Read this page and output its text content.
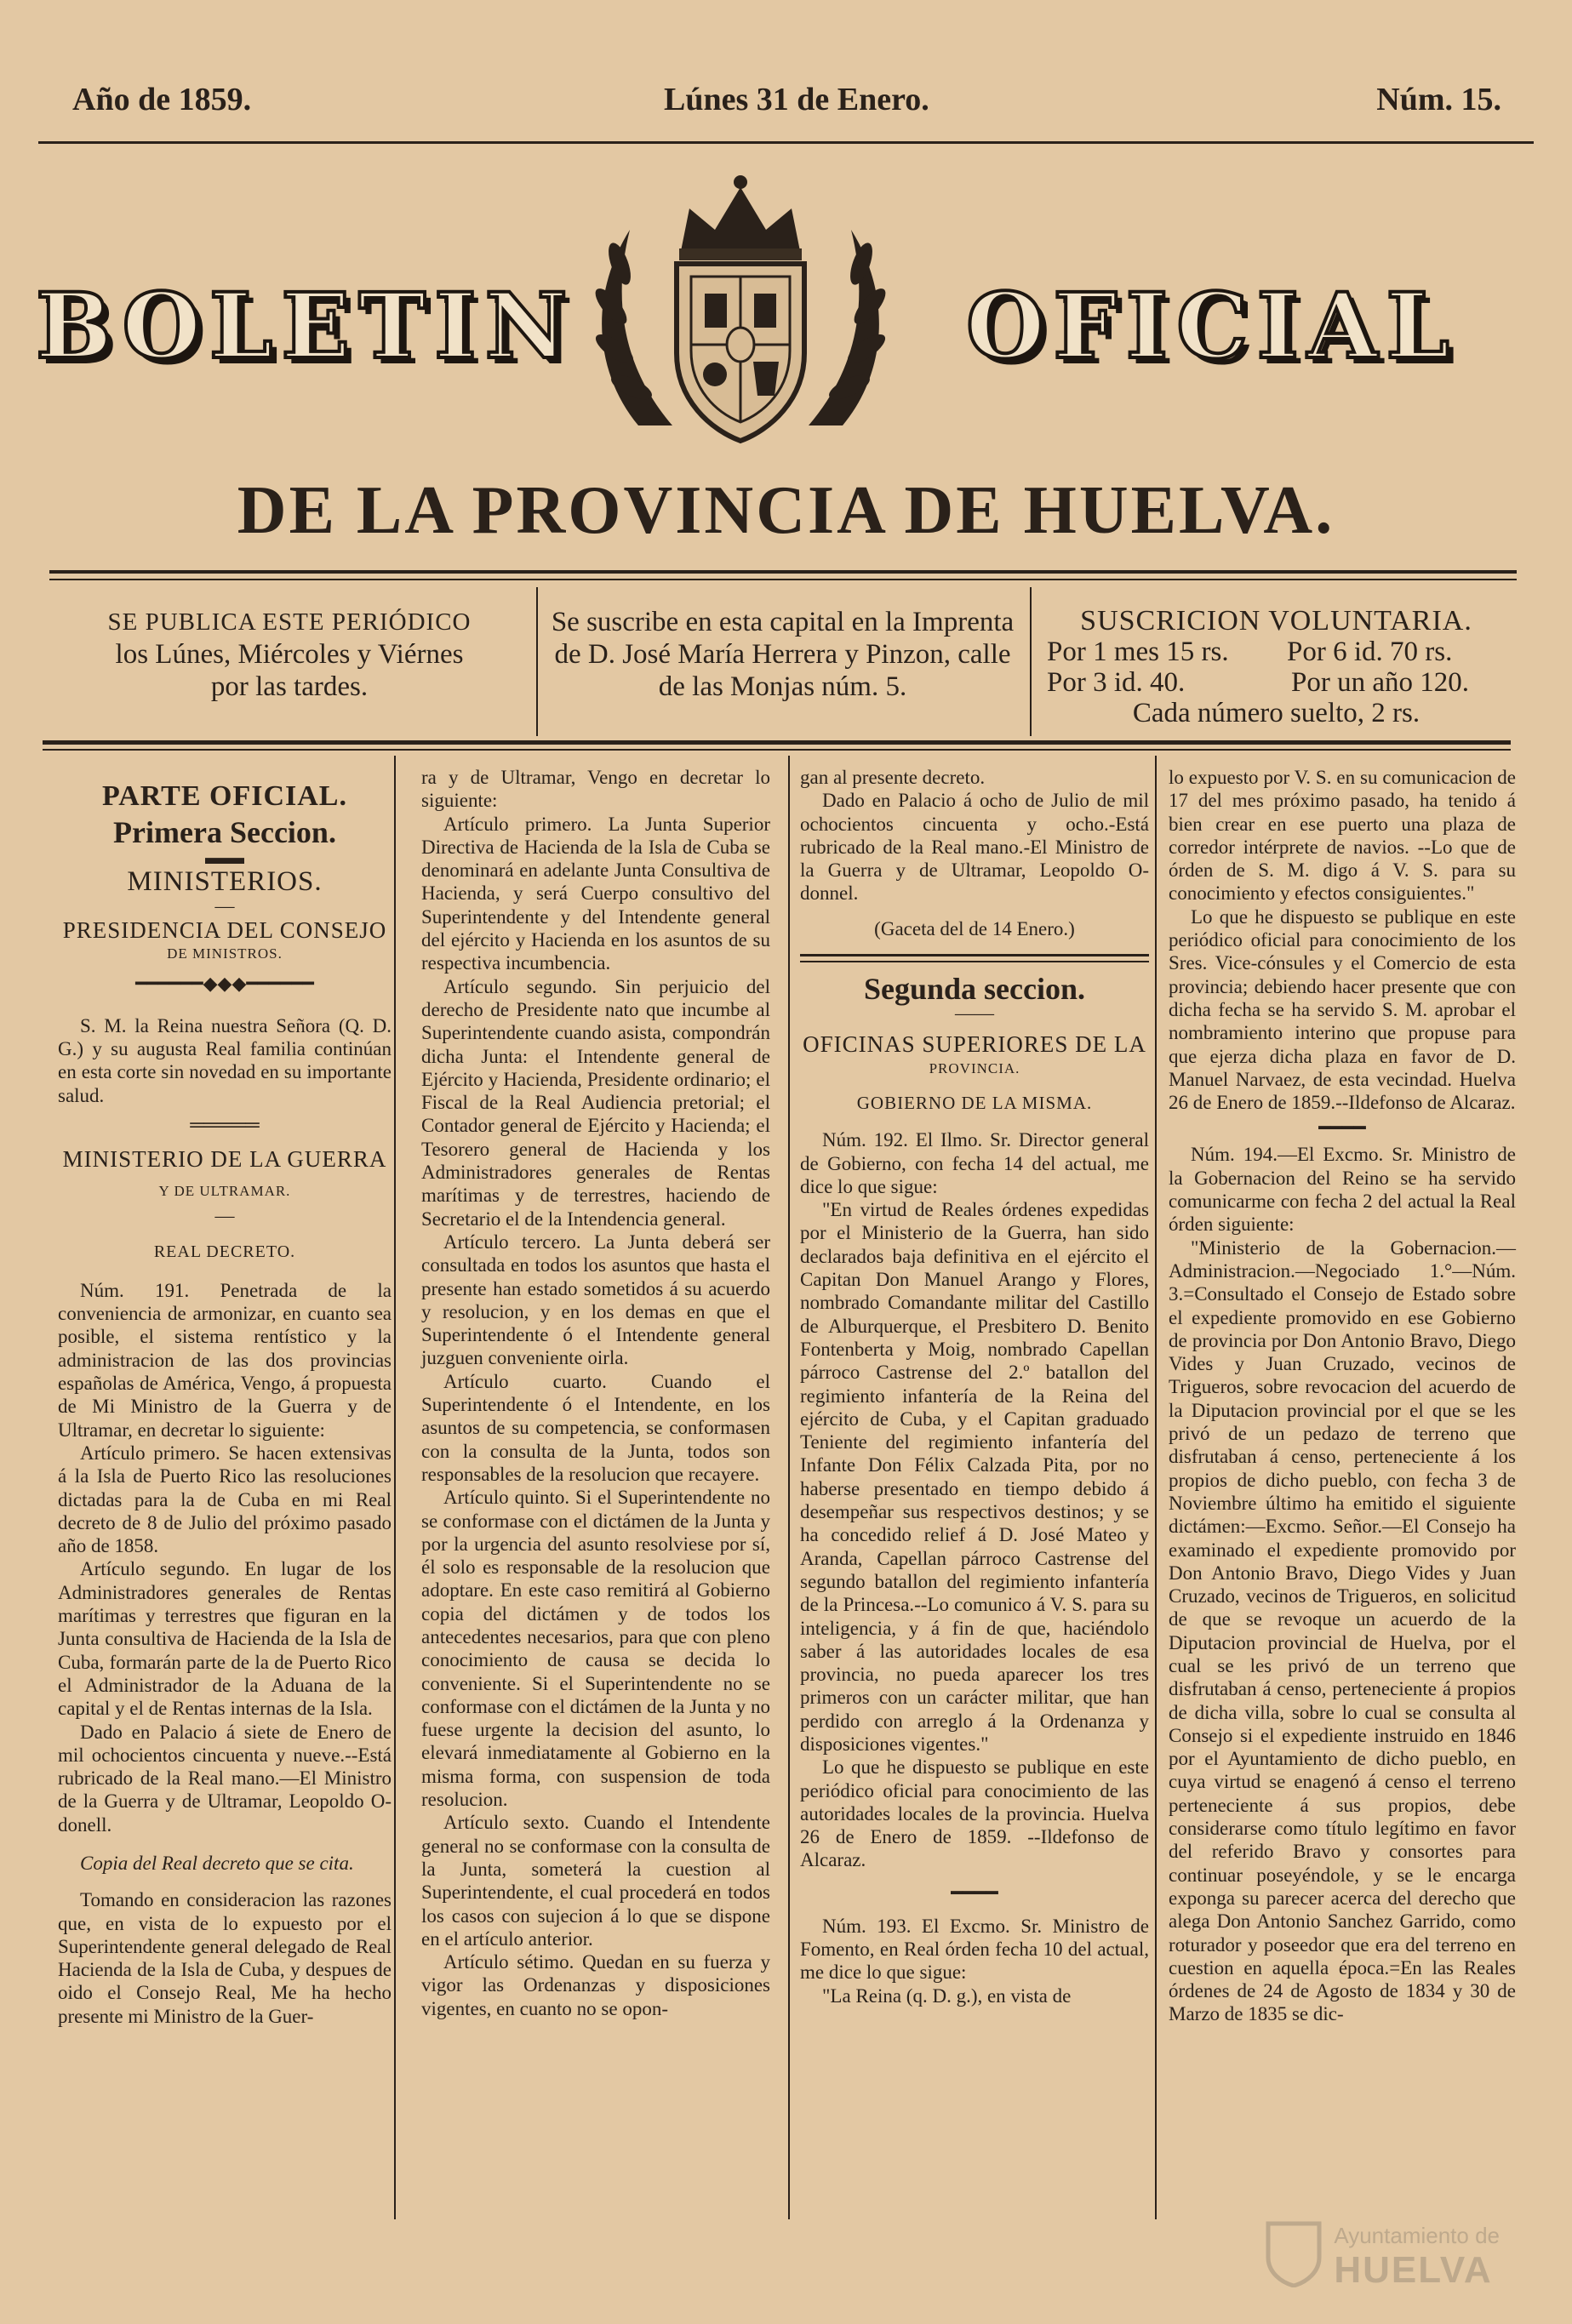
Año de 1859.	Lúnes 31 de Enero.	Núm. 15.
BOLETIN	OFICIAL
DE LA PROVINCIA DE HUELVA.
SE PUBLICA ESTE PERIÓDICO
los Lúnes, Miércoles y Viérnes
por las tardes.
Se suscribe en esta capital en la Imprenta
de D. José María Herrera y Pinzon, calle
de las Monjas núm. 5.
SUSCRICION VOLUNTARIA.
Por 1 mes 15 rs. Por 6 id. 70 rs.
Por 3 id. 40.	Por un año 120.
Cada número suelto, 2 rs.

PARTE OFICIAL.

Primera Seccion.

▬▬

MINISTERIOS.

—

PRESIDENCIA DEL CONSEJO

DE MINISTROS.

━━━━━━◆◆◆━━━━━━

S. M. la Reina nuestra Señora (Q. D. G.) y su augusta Real familia continúan en esta corte sin novedad en su importante salud.

═════

MINISTERIO DE LA GUERRA

Y DE ULTRAMAR.

—

REAL DECRETO.

Núm. 191. Penetrada de la conveniencia de armonizar, en cuanto sea posible, el sistema rentístico y la administracion de las dos provincias españolas de América, Vengo, á propuesta de Mi Ministro de la Guerra y de Ultramar, en decretar lo siguiente:

Artículo primero. Se hacen extensivas á la Isla de Puerto Rico las resoluciones dictadas para la de Cuba en mi Real decreto de 8 de Julio del próximo pasado año de 1858.

Artículo segundo. En lugar de los Administradores generales de Rentas marítimas y terrestres que figuran en la Junta consultiva de Hacienda de la Isla de Cuba, formarán parte de la de Puerto Rico el Administrador de la Aduana de la capital y el de Rentas internas de la Isla.

Dado en Palacio á siete de Enero de mil ochocientos cincuenta y nueve.--Está rubricado de la Real mano.—El Ministro de la Guerra y de Ultramar, Leopoldo O-donell.

Copia del Real decreto que se cita.

Tomando en consideracion las razones que, en vista de lo expuesto por el Superintendente general delegado de Real Hacienda de la Isla de Cuba, y despues de oido el Consejo Real, Me ha hecho presente mi Ministro de la Guer-

ra y de Ultramar, Vengo en decretar lo siguiente:

Artículo primero. La Junta Superior Directiva de Hacienda de la Isla de Cuba se denominará en adelante Junta Consultiva de Hacienda, y será Cuerpo consultivo del Superintendente y del Intendente general del ejército y Hacienda en los asuntos de su respectiva incumbencia.

Artículo segundo. Sin perjuicio del derecho de Presidente nato que incumbe al Superintendente cuando asista, compondrán dicha Junta: el Intendente general de Ejército y Hacienda, Presidente ordinario; el Fiscal de la Real Audiencia pretorial; el Contador general de Ejército y Hacienda; el Tesorero general de Hacienda y los Administradores generales de Rentas marítimas y de terrestres, haciendo de Secretario el de la Intendencia general.

Artículo tercero. La Junta deberá ser consultada en todos los asuntos que hasta el presente han estado sometidos á su acuerdo y resolucion, y en los demas en que el Superintendente ó el Intendente general juzguen conveniente oirla.

Artículo cuarto. Cuando el Superintendente ó el Intendente, en los asuntos de su competencia, se conformasen con la consulta de la Junta, todos son responsables de la resolucion que recayere.

Artículo quinto. Si el Superintendente no se conformase con el dictámen de la Junta y por la urgencia del asunto resolviese por sí, él solo es responsable de la resolucion que adoptare. En este caso remitirá al Gobierno copia del dictámen y de todos los antecedentes necesarios, para que con pleno conocimiento de causa se decida lo conveniente. Si el Superintendente no se conformase con el dictámen de la Junta y no fuese urgente la decision del asunto, lo elevará inmediatamente al Gobierno en la misma forma, con suspension de toda resolucion.

Artículo sexto. Cuando el Intendente general no se conformase con la consulta de la Junta, someterá la cuestion al Superintendente, el cual procederá en todos los casos con sujecion á lo que se dispone en el artículo anterior.

Artículo sétimo. Quedan en su fuerza y vigor las Ordenanzas y disposiciones vigentes, en cuanto no se opon-

gan al presente decreto.

Dado en Palacio á ocho de Julio de mil ochocientos cincuenta y ocho.-Está rubricado de la Real mano.-El Ministro de la Guerra y de Ultramar, Leopoldo O-donnel.

(Gaceta del de 14 Enero.)

Segunda seccion.

——

OFICINAS SUPERIORES DE LA

PROVINCIA.

GOBIERNO DE LA MISMA.

Núm. 192. El Ilmo. Sr. Director general de Gobierno, con fecha 14 del actual, me dice lo que sigue:

"En virtud de Reales órdenes expedidas por el Ministerio de la Guerra, han sido declarados baja definitiva en el ejército el Capitan Don Manuel Arango y Flores, nombrado Comandante militar del Castillo de Alburquerque, el Presbitero D. Benito Fontenberta y Moig, nombrado Capellan párroco Castrense del 2.º batallon del regimiento infantería de la Reina del ejército de Cuba, y el Capitan graduado Teniente del regimiento infantería del Infante Don Félix Calzada Pita, por no haberse presentado en tiempo debido á desempeñar sus respectivos destinos; y se ha concedido relief á D. José Mateo y Aranda, Capellan párroco Castrense del segundo batallon del regimiento infantería de la Princesa.--Lo comunico á V. S. para su inteligencia, y á fin de que, haciéndolo saber á las autoridades locales de esa provincia, no pueda aparecer los tres primeros con un carácter militar, que han perdido con arreglo á la Ordenanza y disposiciones vigentes."

Lo que he dispuesto se publique en este periódico oficial para conocimiento de las autoridades locales de la provincia. Huelva 26 de Enero de 1859. --Ildefonso de Alcaraz.

━━━━

Núm. 193. El Excmo. Sr. Ministro de Fomento, en Real órden fecha 10 del actual, me dice lo que sigue:

"La Reina (q. D. g.), en vista de

lo expuesto por V. S. en su comunicacion de 17 del mes próximo pasado, ha tenido á bien crear en ese puerto una plaza de corredor intérprete de navios. --Lo que de órden de S. M. digo á V. S. para su conocimiento y efectos consiguientes."

Lo que he dispuesto se publique en este periódico oficial para conocimiento de los Sres. Vice-cónsules y el Comercio de esta provincia; debiendo hacer presente que con dicha fecha se ha servido S. M. aprobar el nombramiento interino que propuse para que ejerza dicha plaza en favor de D. Manuel Narvaez, de esta vecindad. Huelva 26 de Enero de 1859.--Ildefonso de Alcaraz.

━━━━

Núm. 194.—El Excmo. Sr. Ministro de la Gobernacion del Reino se ha servido comunicarme con fecha 2 del actual la Real órden siguiente:

"Ministerio de la Gobernacion.—Administracion.—Negociado 1.°—Núm. 3.=Consultado el Consejo de Estado sobre el expediente promovido en ese Gobierno de provincia por Don Antonio Bravo, Diego Vides y Juan Cruzado, vecinos de Trigueros, sobre revocacion del acuerdo de la Diputacion provincial por el que se les privó de un pedazo de terreno que disfrutaban á censo, perteneciente á los propios de dicho pueblo, con fecha 3 de Noviembre último ha emitido el siguiente dictámen:—Excmo. Señor.—El Consejo ha examinado el expediente promovido por Don Antonio Bravo, Diego Vides y Juan Cruzado, vecinos de Trigueros, en solicitud de que se revoque un acuerdo de la Diputacion provincial de Huelva, por el cual se les privó de un terreno que disfrutaban á censo, perteneciente á propios de dicha villa, sobre lo cual se consulta al Consejo si el expediente instruido en 1846 por el Ayuntamiento de dicho pueblo, en cuya virtud se enagenó á censo el terreno perteneciente á sus propios, debe considerarse como título legítimo en favor del referido Bravo y consortes para continuar poseyéndole, y se le encarga exponga su parecer acerca del derecho que alega Don Antonio Sanchez Garrido, como roturador y poseedor que era del terreno en cuestion en aquella época.=En las Reales órdenes de 24 de Agosto de 1834 y 30 de Marzo de 1835 se dic-

Ayuntamiento de
HUELVA
